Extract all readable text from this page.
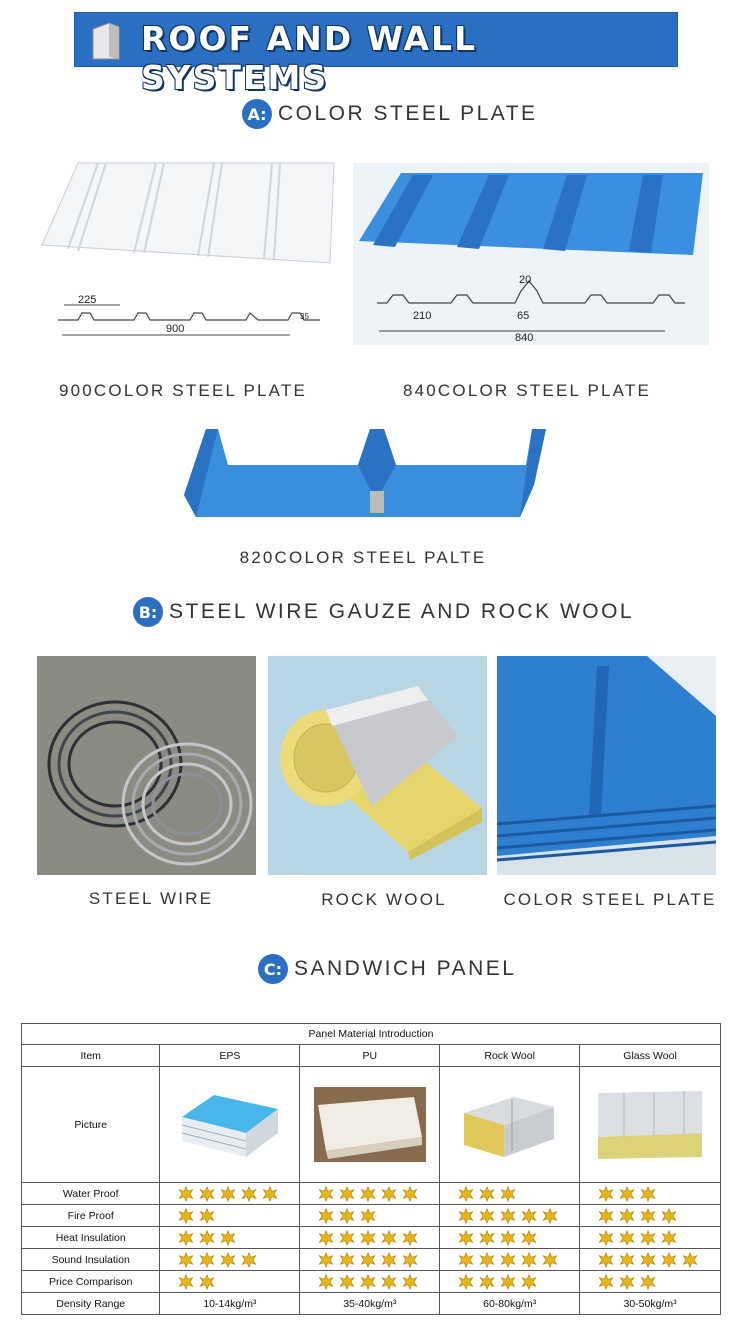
ROOF AND WALL SYSTEMS
A: COLOR STEEL PLATE
225
900
35
900COLOR STEEL PLATE
20
210	65
840
840COLOR STEEL PLATE
820COLOR STEEL PALTE
B: STEEL WIRE GAUZE AND ROCK WOOL
STEEL WIRE	ROCK WOOL	COLOR STEEL PLATE
C: SANDWICH PANEL
Panel Material Introduction				
Item	EPS	PU	Rock Wool	Glass Wool
Picture	

Water Proof				
Fire Proof				
Heat Insulation				
Sound Insulation				
Price Comparison				
Density Range	10-14kg/m³	35-40kg/m³	60-80kg/m³	30-50kg/m³
